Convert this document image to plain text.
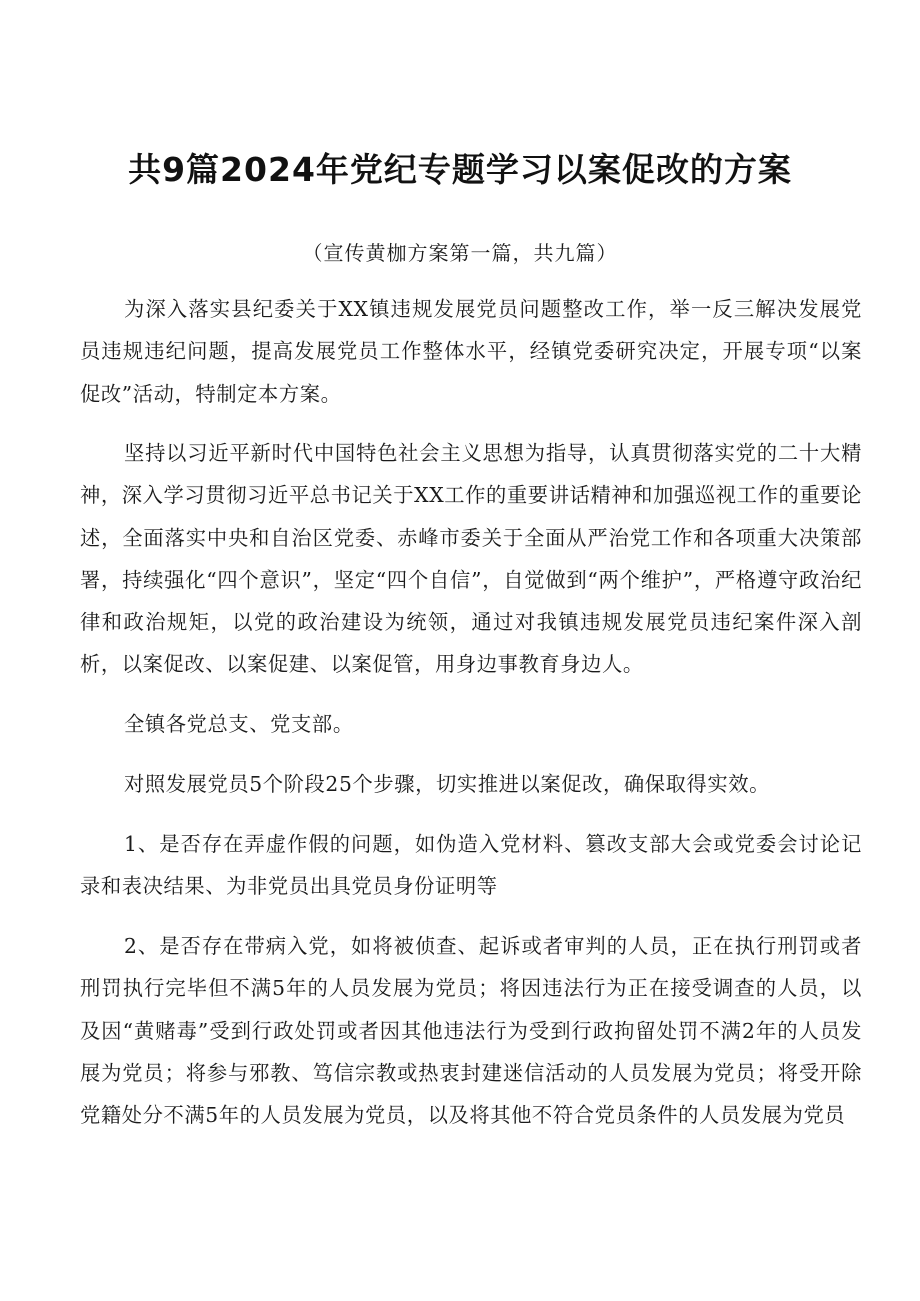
共9篇2024年党纪专题学习以案促改的方案
（宣传黄枷方案第一篇，共九篇）

为深入落实县纪委关于XX镇违规发展党员问题整改工作，举一反三解决发展党员违规违纪问题，提高发展党员工作整体水平，经镇党委研究决定，开展专项“以案促改”活动，特制定本方案。

坚持以习近平新时代中国特色社会主义思想为指导，认真贯彻落实党的二十大精神，深入学习贯彻习近平总书记关于XX工作的重要讲话精神和加强巡视工作的重要论述，全面落实中央和自治区党委、赤峰市委关于全面从严治党工作和各项重大决策部署，持续强化“四个意识”，坚定“四个自信”，自觉做到“两个维护”，严格遵守政治纪律和政治规矩，以党的政治建设为统领，通过对我镇违规发展党员违纪案件深入剖析，以案促改、以案促建、以案促管，用身边事教育身边人。

全镇各党总支、党支部。

对照发展党员5个阶段25个步骤，切实推进以案促改，确保取得实效。

1、是否存在弄虚作假的问题，如伪造入党材料、篡改支部大会或党委会讨论记录和表决结果、为非党员出具党员身份证明等

2、是否存在带病入党，如将被侦查、起诉或者审判的人员，正在执行刑罚或者刑罚执行完毕但不满5年的人员发展为党员；将因违法行为正在接受调查的人员，以及因“黄赌毒”受到行政处罚或者因其他违法行为受到行政拘留处罚不满2年的人员发展为党员；将参与邪教、笃信宗教或热衷封建迷信活动的人员发展为党员；将受开除党籍处分不满5年的人员发展为党员，以及将其他不符合党员条件的人员发展为党员
